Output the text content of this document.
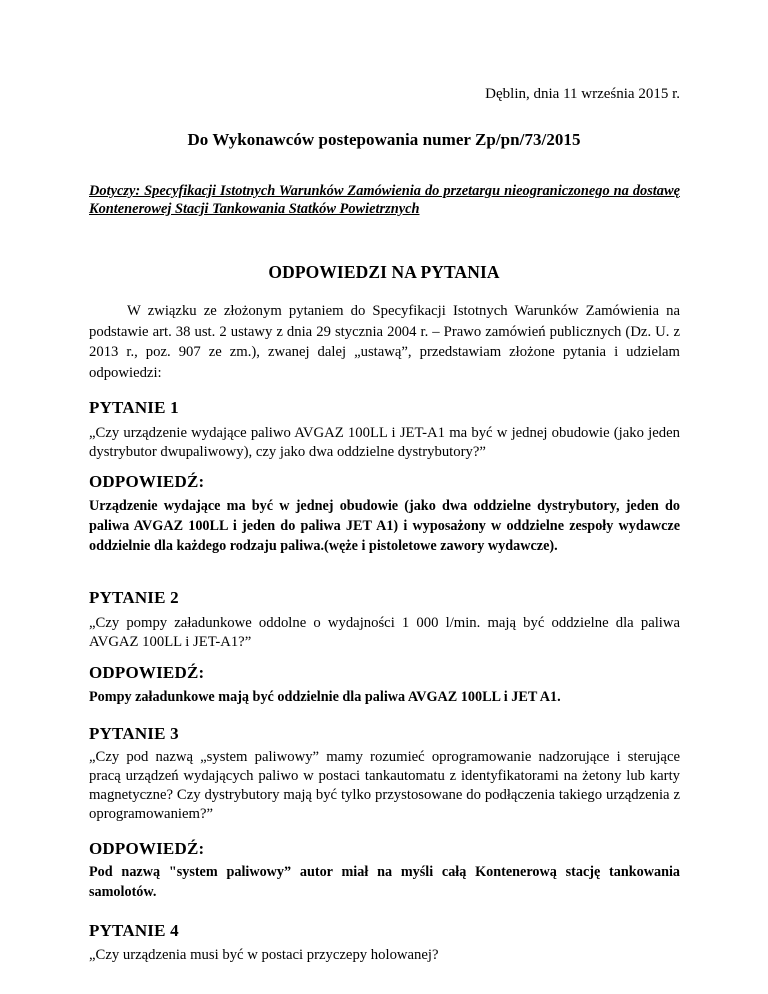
Dęblin, dnia 11 września 2015 r.
Do Wykonawców postepowania numer Zp/pn/73/2015
Dotyczy: Specyfikacji Istotnych Warunków Zamówienia do przetargu nieograniczonego na dostawę Kontenerowej Stacji Tankowania Statków Powietrznych
W związku ze złożonym pytaniem do Specyfikacji Istotnych Warunków Zamówienia na podstawie art. 38 ust. 2 ustawy z dnia 29 stycznia 2004 r. – Prawo zamówień publicznych (Dz. U. z 2013 r., poz. 907 ze zm.), zwanej dalej „ustawą”, przedstawiam złożone pytania i udzielam odpowiedzi:
PYTANIE 1
„Czy urządzenie wydające paliwo AVGAZ 100LL i JET-A1 ma być w jednej obudowie (jako jeden dystrybutor dwupaliwowy), czy jako dwa oddzielne dystrybutory?”
ODPOWIEDŹ:
Urządzenie wydające ma być w jednej obudowie (jako dwa oddzielne dystrybutory, jeden do paliwa AVGAZ 100LL i jeden do paliwa JET A1) i wyposażony w oddzielne zespoły wydawcze oddzielnie dla każdego rodzaju paliwa.(węże i pistoletowe zawory wydawcze).
PYTANIE 2
„Czy pompy załadunkowe oddolne o wydajności 1 000 l/min. mają być oddzielne dla paliwa AVGAZ 100LL i JET-A1?”
ODPOWIEDŹ:
Pompy załadunkowe mają być oddzielnie dla paliwa AVGAZ 100LL i JET A1.
PYTANIE 3
„Czy pod nazwą „system paliwowy” mamy rozumieć oprogramowanie nadzorujące i sterujące pracą urządzeń wydających paliwo w postaci tankautomatu z identyfikatorami na żetony lub karty magnetyczne? Czy dystrybutory mają być tylko przystosowane do podłączenia takiego urządzenia z oprogramowaniem?”
ODPOWIEDŹ:
Pod nazwą "system paliwowy” autor miał na myśli całą Kontenerową stację tankowania samolotów.
PYTANIE 4
„Czy urządzenia musi być w postaci przyczepy holowanej?
ODPOWIEDZI NA PYTANIA
